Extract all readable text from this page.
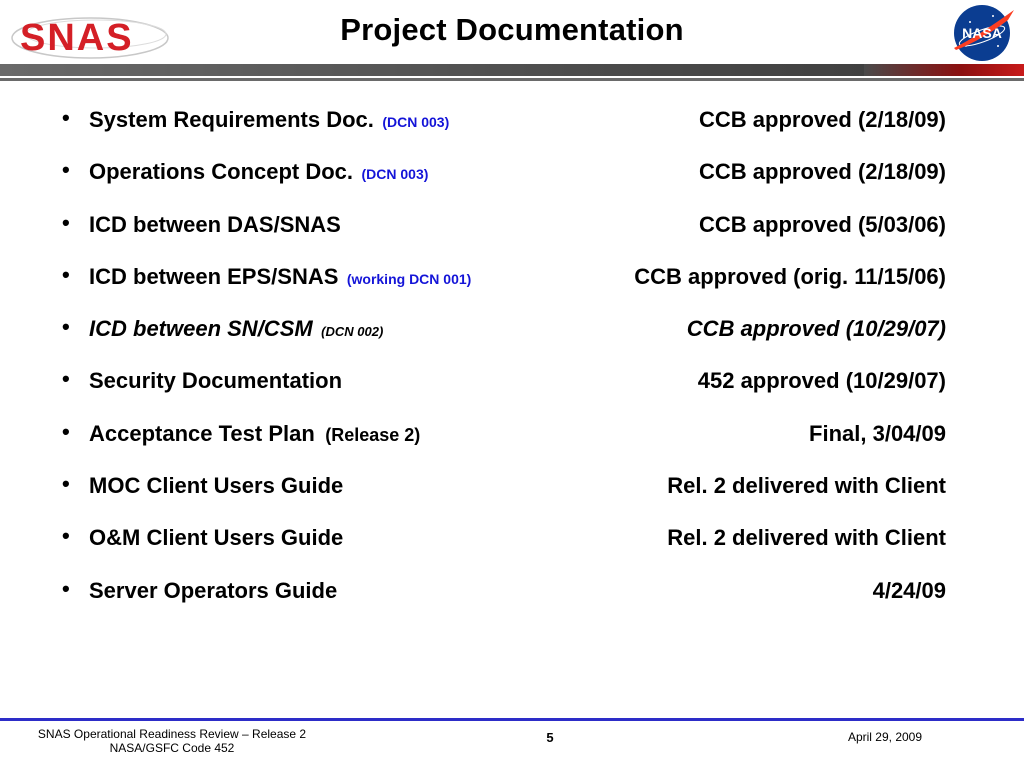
SNAS	Project Documentation	NASA
• System Requirements Doc. (DCN 003)	CCB approved (2/18/09)
• Operations Concept Doc. (DCN 003)	CCB approved (2/18/09)
• ICD between DAS/SNAS	CCB approved (5/03/06)
• ICD between EPS/SNAS (working DCN 001)	CCB approved (orig. 11/15/06)
• ICD between SN/CSM (DCN 002)	CCB approved (10/29/07)
• Security Documentation	452 approved (10/29/07)
• Acceptance Test Plan (Release 2)	Final, 3/04/09
• MOC Client Users Guide	Rel. 2 delivered with Client
• O&M Client Users Guide	Rel. 2 delivered with Client
• Server Operators Guide	4/24/09
SNAS Operational Readiness Review – Release 2
NASA/GSFC Code 452
5	April 29, 2009
